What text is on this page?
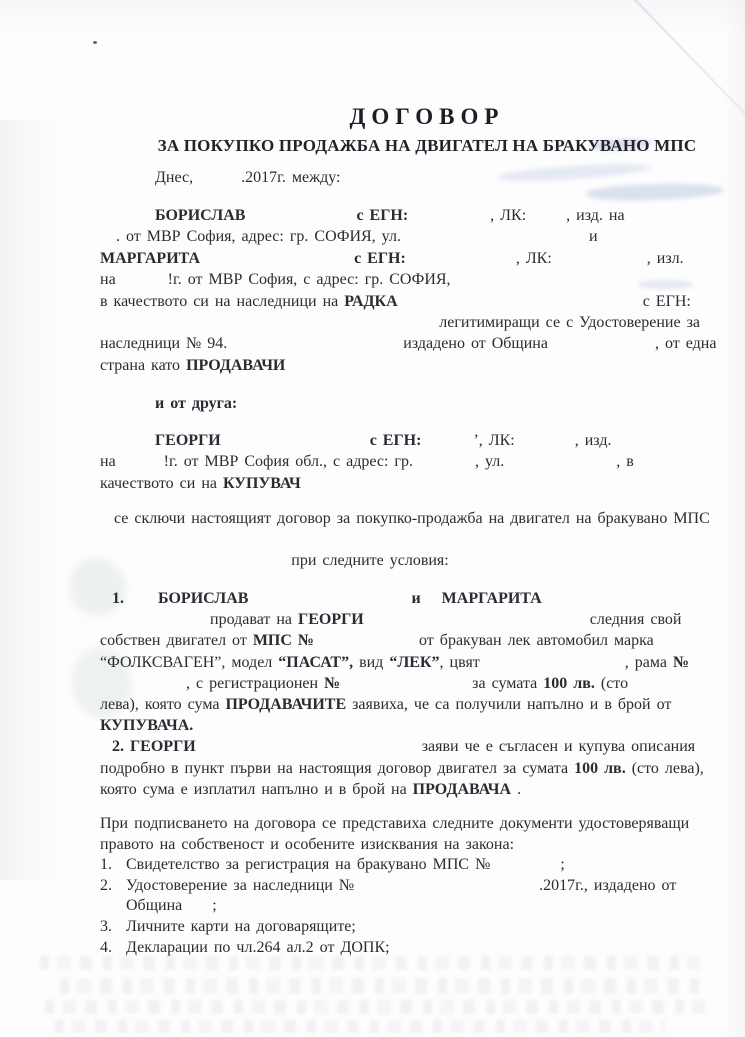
ДОГОВОР
ЗА ПОКУПКО ПРОДАЖБА НА ДВИГАТЕЛ НА БРАКУВАНО МПС
Днес,	.2017г. между:
БОРИСЛАВ	с ЕГН:	, ЛК:	, изд. на
. от МВР София, адрес: гр. СОФИЯ, ул.	и
МАРГАРИТА	с ЕГН:	, ЛК:	, изл.
на	!г. от МВР София, с адрес: гр. СОФИЯ,
в качеството си на наследници на РАДКА	с ЕГН:
легитимиращи се с Удостоверение за
наследници № 94.	издадено от Община	, от една
страна като ПРОДАВАЧИ
и от друга:
ГЕОРГИ	с ЕГН:	’, ЛК:	, изд.
на	!г. от МВР София обл., с адрес: гр.	, ул.	, в
качеството си на КУПУВАЧ
се сключи настоящият договор за покупко-продажба на двигател на бракувано МПС
при следните условия:
1. БОРИСЛАВ	и МАРГАРИТА
продават на ГЕОРГИ	следния свой
собствен двигател от МПС №	от бракуван лек автомобил марка
“ФОЛКСВАГЕН”, модел “ПАСАТ”, вид “ЛЕК”, цвят	, рама №
, с регистрационен №	за сумата 100 лв. (сто
лева), която сума ПРОДАВАЧИТЕ заявиха, че са получили напълно и в брой от
КУПУВАЧА.
2. ГЕОРГИ	заяви че е съгласен и купува описания
подробно в пункт първи на настоящия договор двигател за сумата 100 лв. (сто лева),
която сума е изплатил напълно и в брой на ПРОДАВАЧА .
При подписването на договора се представиха следните документи удостоверяващи
правото на собственост и особените изисквания на закона:
1. Свидетелство за регистрация на бракувано МПС №	;
2. Удостоверение за наследници №	.2017г., издадено от
Община ;
3. Личните карти на договарящите;
4. Декларации по чл.264 ал.2 от ДОПК;
